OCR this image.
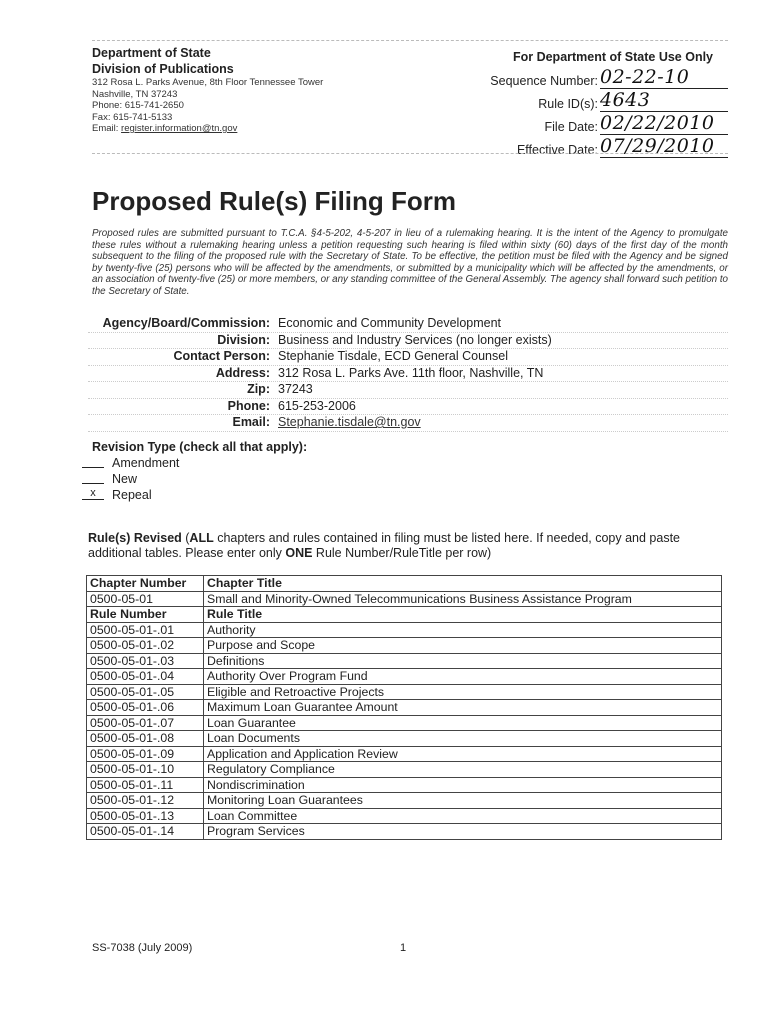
Department of State
Division of Publications
312 Rosa L. Parks Avenue, 8th Floor Tennessee Tower
Nashville, TN 37243
Phone: 615-741-2650
Fax: 615-741-5133
Email: register.information@tn.gov
For Department of State Use Only
Sequence Number: 02-22-10
Rule ID(s): 4643
File Date: 02/22/2010
Effective Date: 07/29/2010
Proposed Rule(s) Filing Form
Proposed rules are submitted pursuant to T.C.A. §4-5-202, 4-5-207 in lieu of a rulemaking hearing. It is the intent of the Agency to promulgate these rules without a rulemaking hearing unless a petition requesting such hearing is filed within sixty (60) days of the first day of the month subsequent to the filing of the proposed rule with the Secretary of State. To be effective, the petition must be filed with the Agency and be signed by twenty-five (25) persons who will be affected by the amendments, or submitted by a municipality which will be affected by the amendments, or an association of twenty-five (25) or more members, or any standing committee of the General Assembly. The agency shall forward such petition to the Secretary of State.
Agency/Board/Commission: Economic and Community Development
Division: Business and Industry Services (no longer exists)
Contact Person: Stephanie Tisdale, ECD General Counsel
Address: 312 Rosa L. Parks Ave. 11th floor, Nashville, TN
Zip: 37243
Phone: 615-253-2006
Email: Stephanie.tisdale@tn.gov
Revision Type (check all that apply):
Amendment
New
x	Repeal
Rule(s) Revised (ALL chapters and rules contained in filing must be listed here. If needed, copy and paste additional tables. Please enter only ONE Rule Number/RuleTitle per row)
Chapter Number	Chapter Title
0500-05-01	Small and Minority-Owned Telecommunications Business Assistance Program
Rule Number	Rule Title
0500-05-01-.01	Authority
0500-05-01-.02	Purpose and Scope
0500-05-01-.03	Definitions
0500-05-01-.04	Authority Over Program Fund
0500-05-01-.05	Eligible and Retroactive Projects
0500-05-01-.06	Maximum Loan Guarantee Amount
0500-05-01-.07	Loan Guarantee
0500-05-01-.08	Loan Documents
0500-05-01-.09	Application and Application Review
0500-05-01-.10	Regulatory Compliance
0500-05-01-.11	Nondiscrimination
0500-05-01-.12	Monitoring Loan Guarantees
0500-05-01-.13	Loan Committee
0500-05-01-.14	Program Services
SS-7038 (July 2009)	1
